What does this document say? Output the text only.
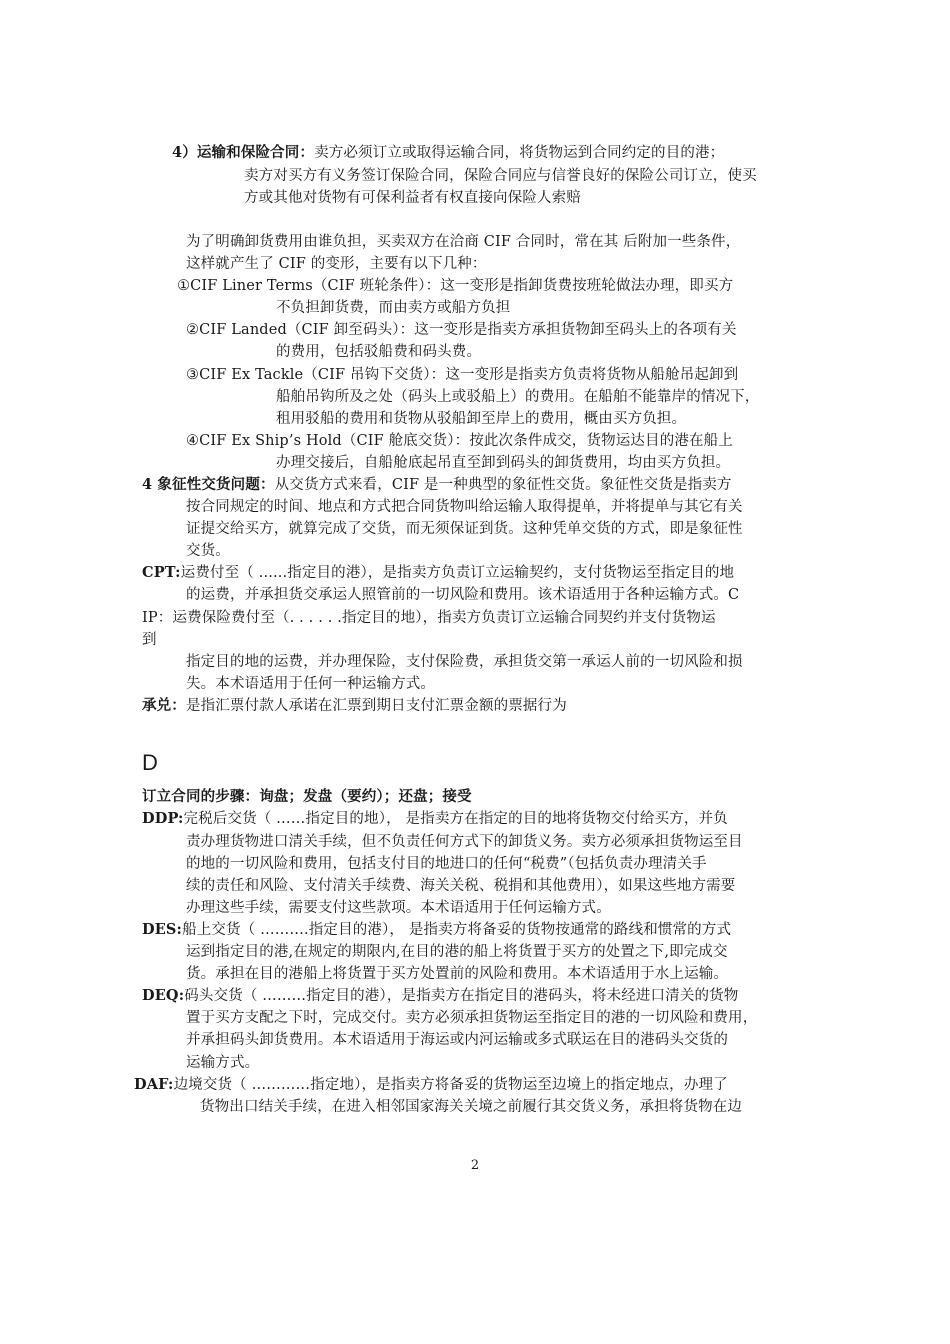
4）运输和保险合同：卖方必须订立或取得运输合同，将货物运到合同约定的目的港；
卖方对买方有义务签订保险合同，保险合同应与信誉良好的保险公司订立，使买
方或其他对货物有可保利益者有权直接向保险人索赔
为了明确卸货费用由谁负担，买卖双方在洽商 CIF 合同时，常在其 后附加一些条件，
这样就产生了 CIF 的变形，主要有以下几种：
①CIF Liner Terms（CIF 班轮条件）：这一变形是指卸货费按班轮做法办理，即买方
不负担卸货费，而由卖方或船方负担
②CIF Landed（CIF 卸至码头）：这一变形是指卖方承担货物卸至码头上的各项有关
的费用，包括驳船费和码头费。
③CIF Ex Tackle（CIF 吊钩下交货）：这一变形是指卖方负责将货物从船舱吊起卸到
船舶吊钩所及之处（码头上或驳船上）的费用。在船舶不能靠岸的情况下，
租用驳船的费用和货物从驳船卸至岸上的费用，概由买方负担。
④CIF Ex Ship’s Hold（CIF 舱底交货）：按此次条件成交，货物运达目的港在船上
办理交接后，自船舱底起吊直至卸到码头的卸货费用，均由买方负担。
4 象征性交货问题：从交货方式来看，CIF 是一种典型的象征性交货。象征性交货是指卖方
按合同规定的时间、地点和方式把合同货物叫给运输人取得提单，并将提单与其它有关
证提交给买方，就算完成了交货，而无须保证到货。这种凭单交货的方式，即是象征性
交货。
CPT:运费付至（ ......指定目的港），是指卖方负责订立运输契约，支付货物运至指定目的地
的运费，并承担货交承运人照管前的一切风险和费用。该术语适用于各种运输方式。C
IP：运费保险费付至（. . . . . .指定目的地），指卖方负责订立运输合同契约并支付货物运
到
指定目的地的运费，并办理保险，支付保险费，承担货交第一承运人前的一切风险和损
失。本术语适用于任何一种运输方式。
承兑：是指汇票付款人承诺在汇票到期日支付汇票金额的票据行为
D
订立合同的步骤：询盘；发盘（要约）；还盘；接受
DDP:完税后交货（ ……指定目的地）， 是指卖方在指定的目的地将货物交付给买方，并负
责办理货物进口清关手续，但不负责任何方式下的卸货义务。卖方必须承担货物运至目
的地的一切风险和费用，包括支付目的地进口的任何“税费”（包括负责办理清关手
续的责任和风险、支付清关手续费、海关关税、税捐和其他费用），如果这些地方需要
办理这些手续，需要支付这些款项。本术语适用于任何运输方式。
DES:船上交货（ ……….指定目的港）， 是指卖方将备妥的货物按通常的路线和惯常的方式
运到指定目的港,在规定的期限内,在目的港的船上将货置于买方的处置之下,即完成交
货。承担在目的港船上将货置于买方处置前的风险和费用。本术语适用于水上运输。
DEQ:码头交货（ ………指定目的港），是指卖方在指定目的港码头，将未经进口清关的货物
置于买方支配之下时，完成交付。卖方必须承担货物运至指定目的港的一切风险和费用，
并承担码头卸货费用。本术语适用于海运或内河运输或多式联运在目的港码头交货的
运输方式。
DAF:边境交货（ …………指定地），是指卖方将备妥的货物运至边境上的指定地点，办理了
货物出口结关手续，在进入相邻国家海关关境之前履行其交货义务，承担将货物在边
2
